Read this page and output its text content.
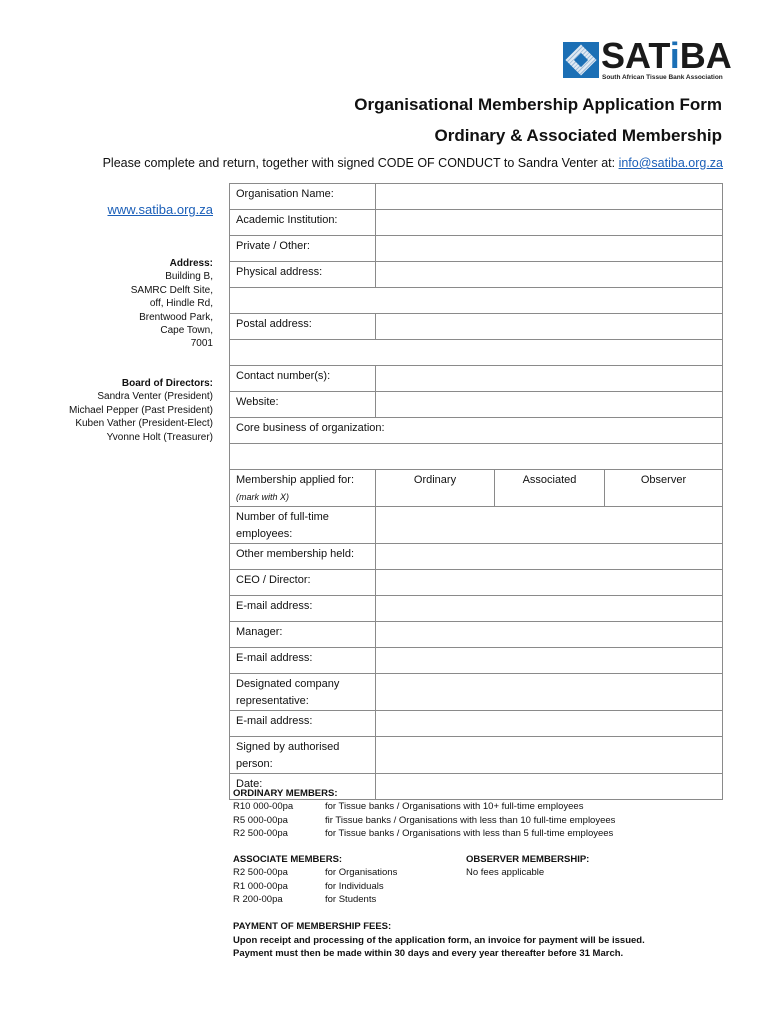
SATiBA
South African Tissue Bank Association
Organisational Membership Application Form
Ordinary & Associated Membership
Please complete and return, together with signed CODE OF CONDUCT to Sandra Venter at: info@satiba.org.za
www.satiba.org.za
Address:
Building B,
SAMRC Delft Site,
off, Hindle Rd,
Brentwood Park,
Cape Town,
7001
Board of Directors:
Sandra Venter (President)
Michael Pepper (Past President)
Kuben Vather (President-Elect)
Yvonne Holt (Treasurer)
Organisation Name:			
Academic Institution:			
Private / Other:			
Physical address:			

Postal address:			

Contact number(s):			
Website:			
Core business of organization:			

Membership applied for:
(mark with X)	Ordinary	Associated	Observer
Number of full-time employees:			
Other membership held:			
CEO / Director:			
E-mail address:			
Manager:			
E-mail address:			
Designated company representative:			
E-mail address:			
Signed by authorised person:			
Date:			
ORDINARY MEMBERS:
R10 000-00pa	for Tissue banks / Organisations with 10+ full-time employees
R5 000-00pa	fir Tissue banks / Organisations with less than 10 full-time employees
R2 500-00pa	for Tissue banks / Organisations with less than 5 full-time employees
ASSOCIATE MEMBERS:
R2 500-00pa	for Organisations
R1 000-00pa	for Individuals
R 200-00pa	for Students
OBSERVER MEMBERSHIP:
No fees applicable
PAYMENT OF MEMBERSHIP FEES:
Upon receipt and processing of the application form, an invoice for payment will be issued.
Payment must then be made within 30 days and every year thereafter before 31 March.
